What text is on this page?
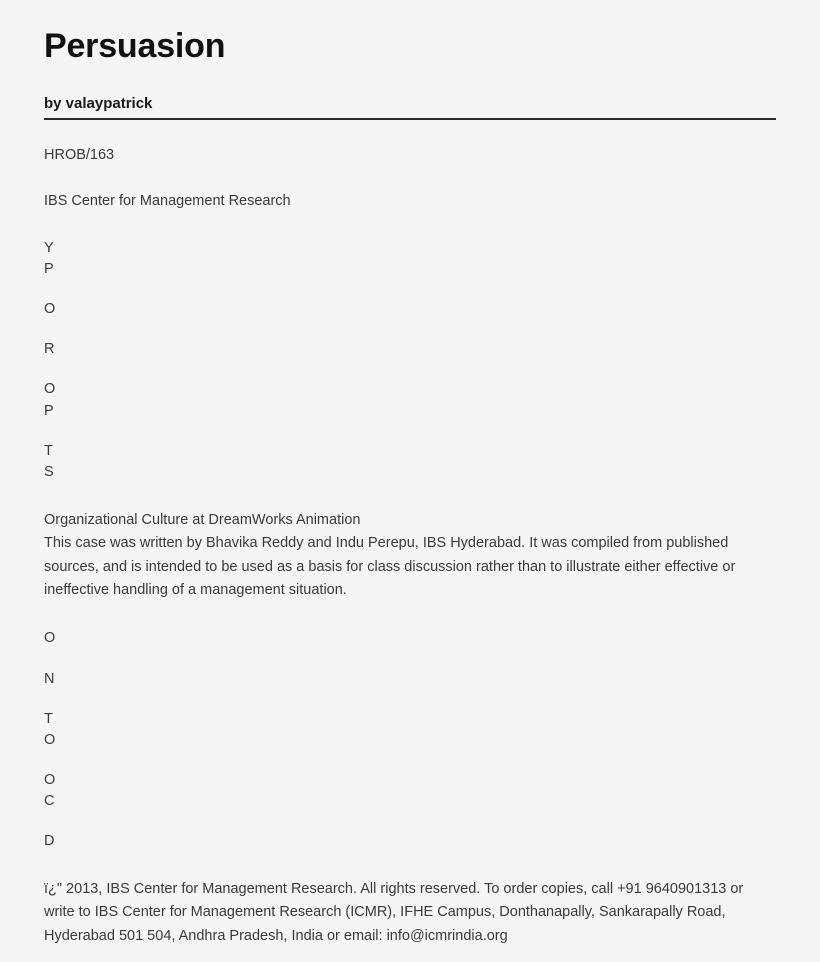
Persuasion
by valaypatrick
HROB/163
IBS Center for Management Research
Y
P
O
R
O
P
T
S
Organizational Culture at DreamWorks Animation

This case was written by Bhavika Reddy and Indu Perepu, IBS Hyderabad. It was compiled from published sources, and is intended to be used as a basis for class discussion rather than to illustrate either effective or ineffective handling of a management situation.

O
N
T
O
O
C
D

ï¿" 2013, IBS Center for Management Research. All rights reserved. To order copies, call +91 9640901313 or write to IBS Center for Management Research (ICMR), IFHE Campus, Donthanapally, Sankarapally Road, Hyderabad 501 504, Andhra Pradesh, India or email: info@icmrindia.org
